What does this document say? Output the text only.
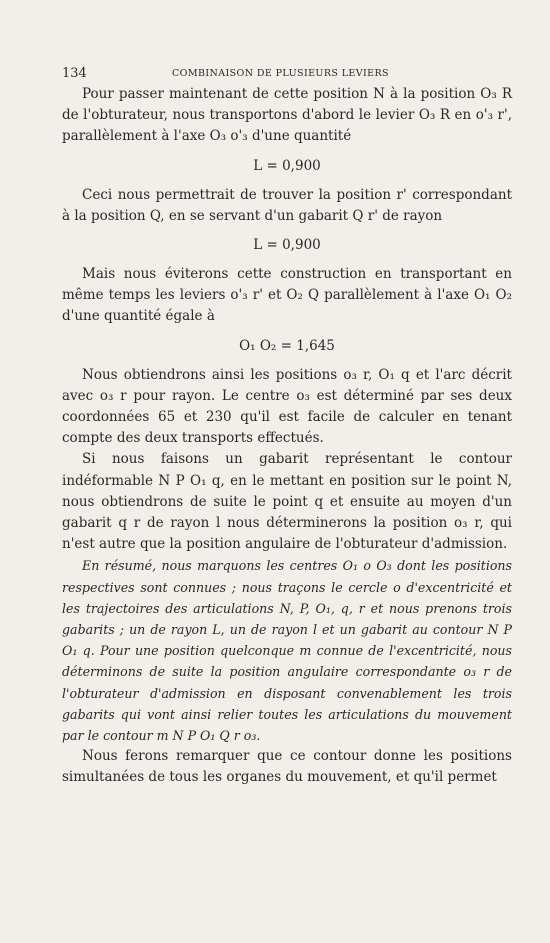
134	COMBINAISON DE PLUSIEURS LEVIERS

Pour passer maintenant de cette position N à la position O₃ R de l'obturateur, nous transportons d'abord le levier O₃ R en o'₃ r', parallèlement à l'axe O₃ o'₃ d'une quantité

L = 0,900

Ceci nous permettrait de trouver la position r' correspondant à la position Q, en se servant d'un gabarit Q r' de rayon

L = 0,900

Mais nous éviterons cette construction en transportant en même temps les leviers o'₃ r' et O₂ Q parallèlement à l'axe O₁ O₂ d'une quantité égale à

O₁ O₂ = 1,645

Nous obtiendrons ainsi les positions o₃ r, O₁ q et l'arc décrit avec o₃ r pour rayon. Le centre o₃ est déterminé par ses deux coordonnées 65 et 230 qu'il est facile de calculer en tenant compte des deux transports effectués.

Si nous faisons un gabarit représentant le contour indéformable N P O₁ q, en le mettant en position sur le point N, nous obtiendrons de suite le point q et ensuite au moyen d'un gabarit q r de rayon l nous déterminerons la position o₃ r, qui n'est autre que la position angulaire de l'obturateur d'admission.

En résumé, nous marquons les centres O₁ o O₃ dont les positions respectives sont connues ; nous traçons le cercle o d'excentricité et les trajectoires des articulations N, P, O₁, q, r et nous prenons trois gabarits ; un de rayon L, un de rayon l et un gabarit au contour N P O₁ q. Pour une position quelconque m connue de l'excentricité, nous déterminons de suite la position angulaire correspondante o₃ r de l'obturateur d'admission en disposant convenablement les trois gabarits qui vont ainsi relier toutes les articulations du mouvement par le contour m N P O₁ Q r o₃.

Nous ferons remarquer que ce contour donne les positions simultanées de tous les organes du mouvement, et qu'il permet
